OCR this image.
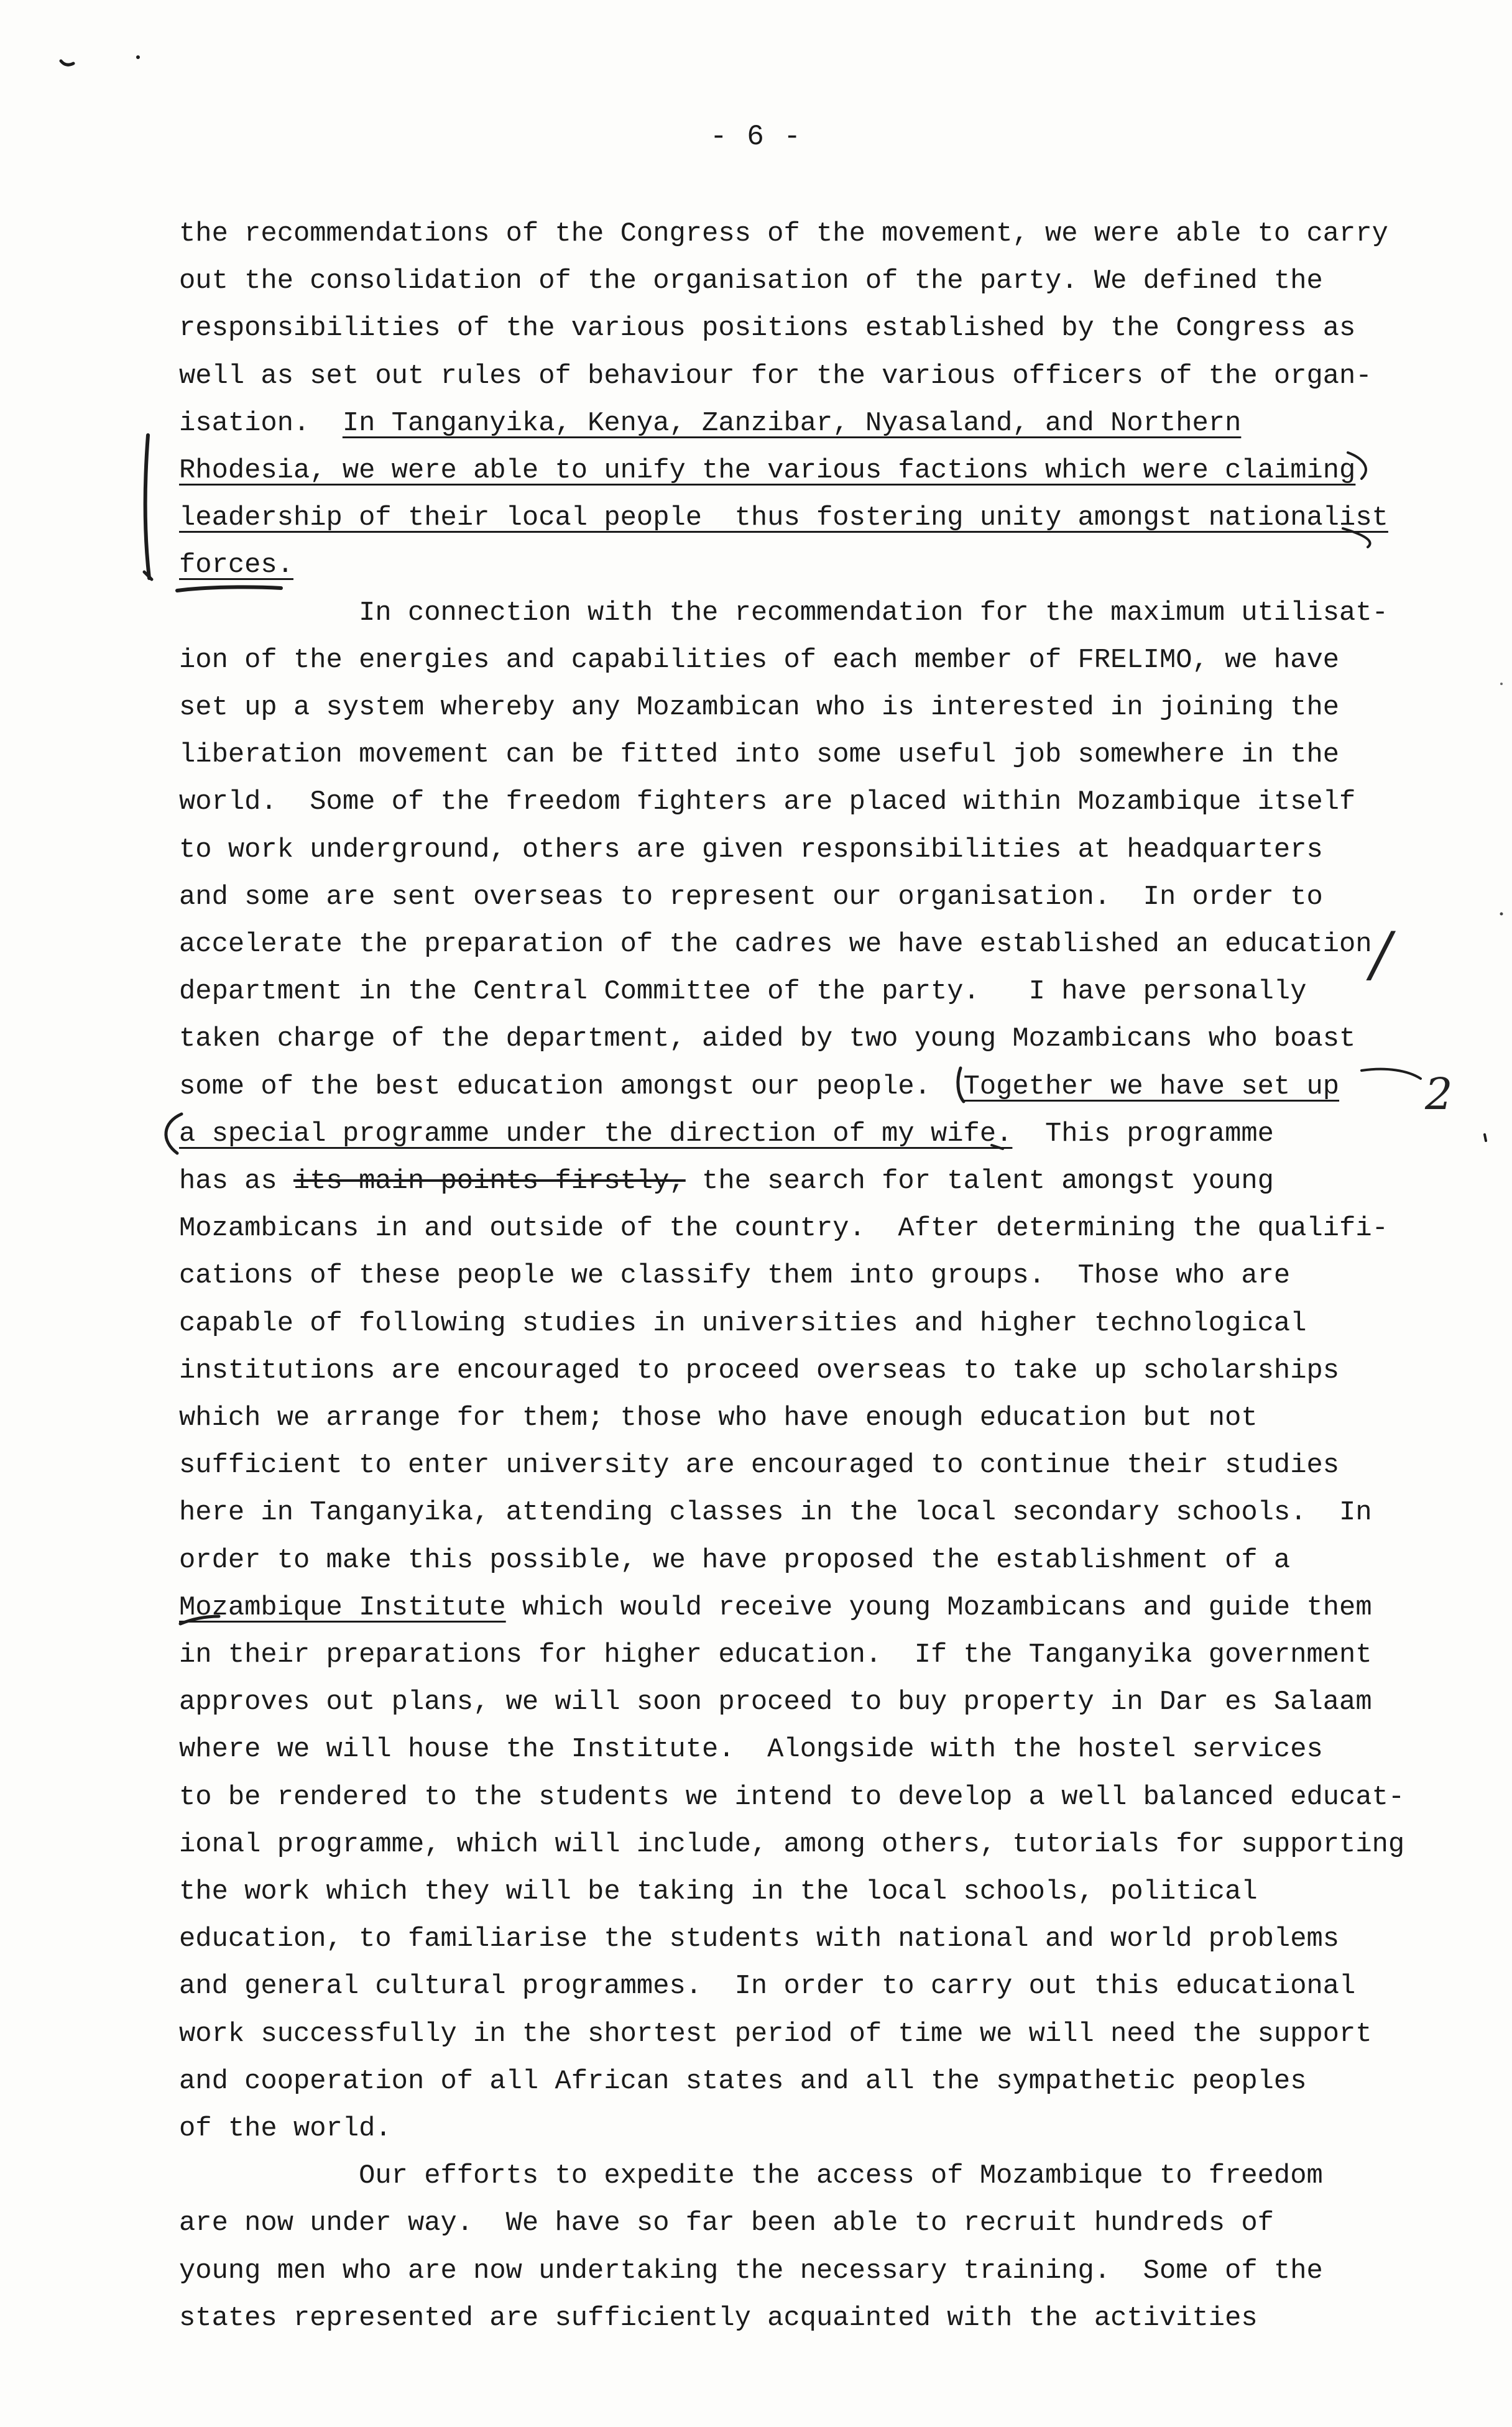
- 6 -
the recommendations of the Congress of the movement, we were able to carry
out the consolidation of the organisation of the party. We defined the
responsibilities of the various positions established by the Congress as
well as set out rules of behaviour for the various officers of the organ-
isation.  In Tanganyika, Kenya, Zanzibar, Nyasaland, and Northern
Rhodesia, we were able to unify the various factions which were claiming
leadership of their local people  thus fostering unity amongst nationalist
forces.
In connection with the recommendation for the maximum utilisat-
ion of the energies and capabilities of each member of FRELIMO, we have
set up a system whereby any Mozambican who is interested in joining the
liberation movement can be fitted into some useful job somewhere in the
world.  Some of the freedom fighters are placed within Mozambique itself
to work underground, others are given responsibilities at headquarters
and some are sent overseas to represent our organisation.  In order to
accelerate the preparation of the cadres we have established an education
department in the Central Committee of the party.   I have personally
taken charge of the department, aided by two young Mozambicans who boast
some of the best education amongst our people.  Together we have set up
a special programme under the direction of my wife.  This programme
has as its main points firstly, the search for talent amongst young
Mozambicans in and outside of the country.  After determining the qualifi-
cations of these people we classify them into groups.  Those who are
capable of following studies in universities and higher technological
institutions are encouraged to proceed overseas to take up scholarships
which we arrange for them; those who have enough education but not
sufficient to enter university are encouraged to continue their studies
here in Tanganyika, attending classes in the local secondary schools.  In
order to make this possible, we have proposed the establishment of a
Mozambique Institute which would receive young Mozambicans and guide them
in their preparations for higher education.  If the Tanganyika government
approves out plans, we will soon proceed to buy property in Dar es Salaam
where we will house the Institute.  Alongside with the hostel services
to be rendered to the students we intend to develop a well balanced educat-
ional programme, which will include, among others, tutorials for supporting
the work which they will be taking in the local schools, political
education, to familiarise the students with national and world problems
and general cultural programmes.  In order to carry out this educational
work successfully in the shortest period of time we will need the support
and cooperation of all African states and all the sympathetic peoples
of the world.
Our efforts to expedite the access of Mozambique to freedom
are now under way.  We have so far been able to recruit hundreds of
young men who are now undertaking the necessary training.  Some of the
states represented are sufficiently acquainted with the activities
/
2
